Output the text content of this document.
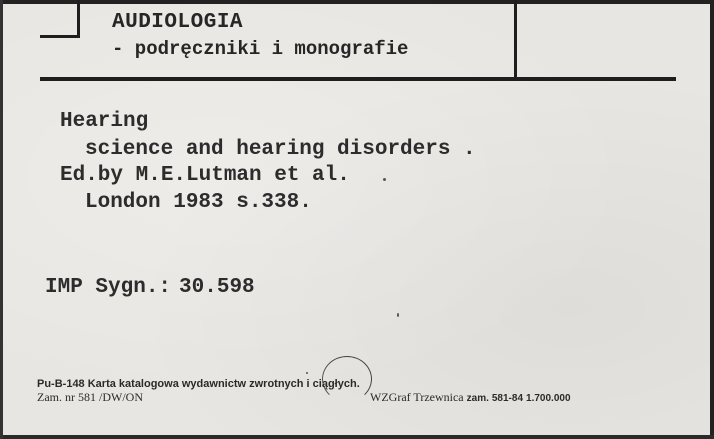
AUDIOLOGIA
- podręczniki i monografie
Hearing
science and hearing disorders .
Ed.by M.E.Lutman et al.
London 1983 s.338.
IMP Sygn.: 30.598
Pu-B-148 Karta katalogowa wydawnictw zwrotnych i ciągłych.
Zam. nr 581 /DW/ON	WZGraf Trzewnica zam. 581-84 1.700.000
